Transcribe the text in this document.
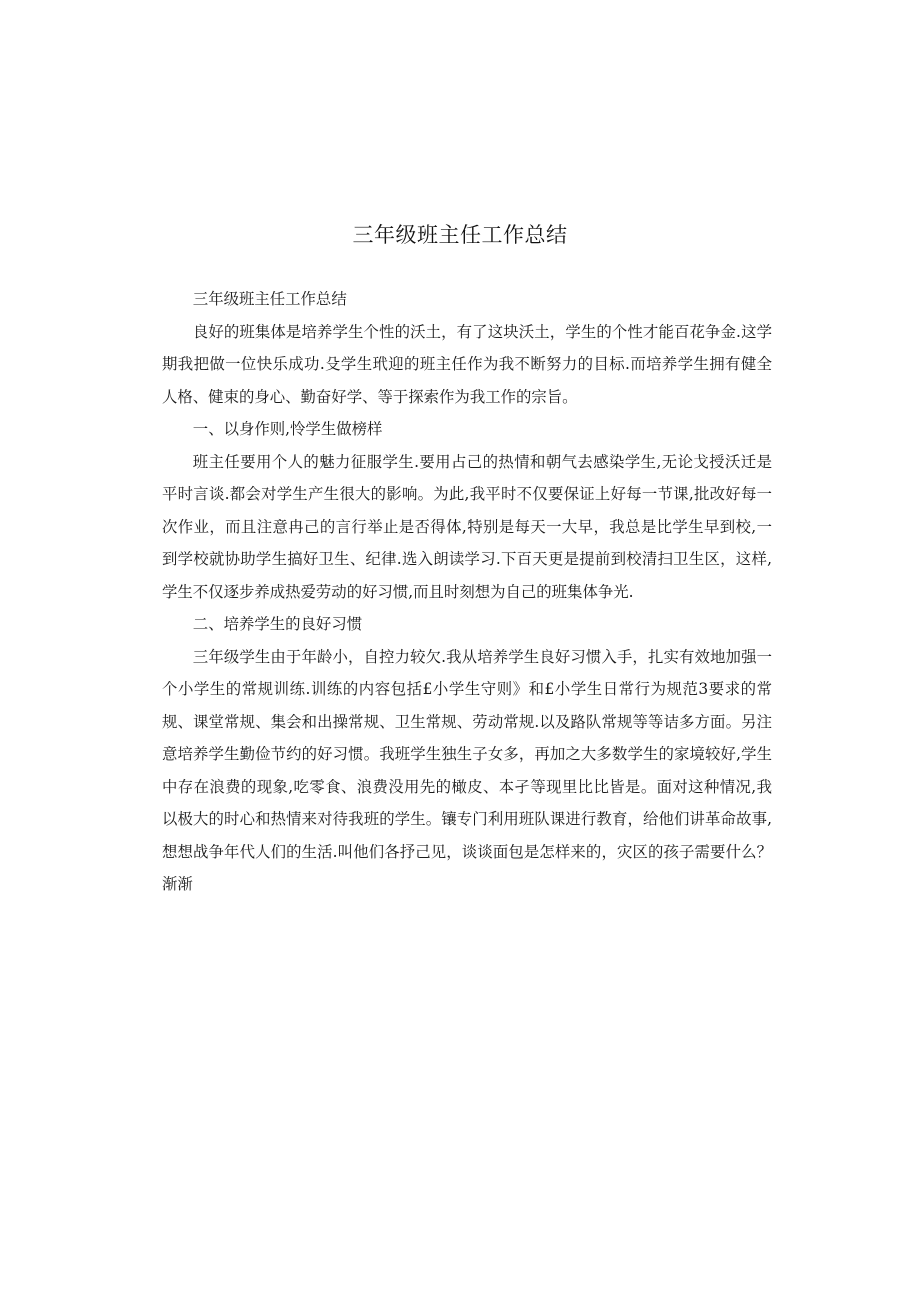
三年级班主任工作总结

三年级班主任工作总结

良好的班集体是培养学生个性的沃土，有了这块沃土，学生的个性才能百花争金.这学期我把做一位快乐成功.殳学生玳迎的班主任作为我不断努力的目标.而培养学生拥有健全人格、健束的身心、勤奋好学、等于探索作为我工作的宗旨。

一、以身作则,怜学生做榜样

班主任要用个人的魅力征服学生.要用占己的热情和朝气去感染学生,无论戈授沃迁是平时言谈.都会对学生产生很大的影响。为此,我平时不仅要保证上好每一节课,批改好每一次作业，而且注意冉己的言行举止是否得体,特别是每天一大早，我总是比学生早到校,一到学校就协助学生搞好卫生、纪律.选入朗读学习.下百天更是提前到校清扫卫生区，这样,学生不仅逐步养成热爱劳动的好习惯,而且时刻想为自己的班集体争光.

二、培养学生的良好习惯

三年级学生由于年龄小，自控力较欠.我从培养学生良好习惯入手，扎实有效地加强一个小学生的常规训练.训练的内容包括£小学生守则》和£小学生日常行为规范3要求的常规、课堂常规、集会和出操常规、卫生常规、劳动常规.以及路队常规等等诘多方面。另注意培养学生勤俭节约的好习惯。我班学生独生子女多，再加之大多数学生的家境较好,学生中存在浪费的现象,吃零食、浪费没用先的橄皮、本孑等现里比比皆是。面对这种情况,我以极大的时心和热情来对待我班的学生。镶专门利用班队课进行教育，给他们讲革命故事,想想战争年代人们的生活.叫他们各抒己见，谈谈面包是怎样来的，灾区的孩子需要什么？渐渐
